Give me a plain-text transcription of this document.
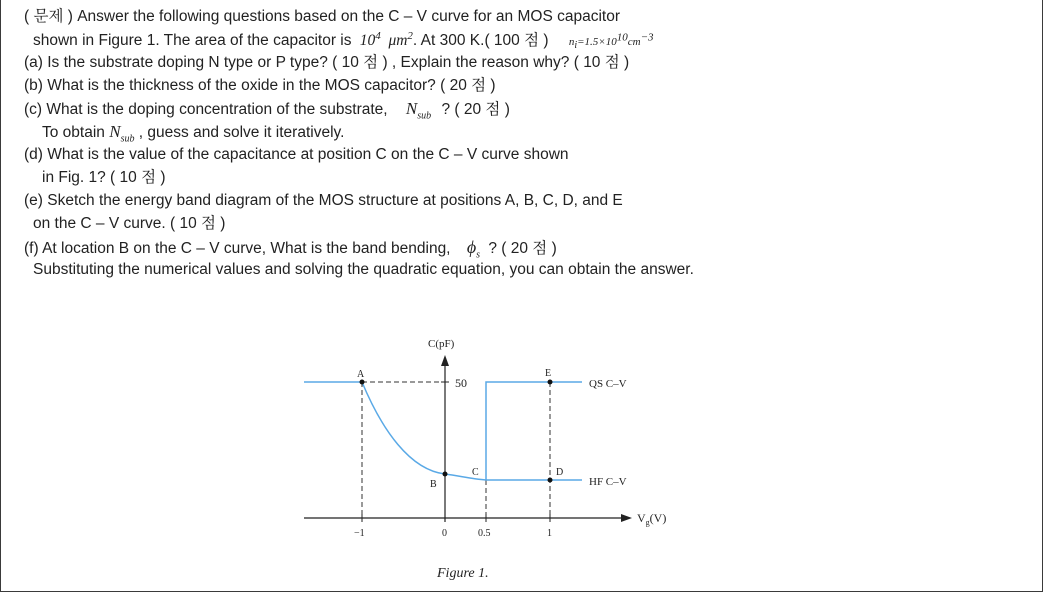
( 문제 ) Answer the following questions based on the C – V curve for an MOS capacitor
shown in Figure 1. The area of the capacitor is $10^4$ $\mu m^2$. At 300 K.( 100 점 ) ni=1.5×1010cm−3
(a) Is the substrate doping N type or P type? ( 10 점 ) , Explain the reason why? ( 10 점 )
(b) What is the thickness of the oxide in the MOS capacitor? ( 20 점 )
(c) What is the doping concentration of the substrate, $N_{sub}$ ? ( 20 점 )
To obtain $N_{sub}$ , guess and solve it iteratively.
(d) What is the value of the capacitance at position C on the C – V curve shown
in Fig. 1? ( 10 점 )
(e) Sketch the energy band diagram of the MOS structure at positions A, B, C, D, and E
on the C – V curve. ( 10 점 )
(f) At location B on the C – V curve, What is the band bending, $\phi_s$ ? ( 20 점 )
Substituting the numerical values and solving the quadratic equation, you can obtain the answer.
C(pF)
50
A
B
C	D
E
QS C–V
HF C–V
−1	0	0.5	1
$V_g(V)$
Figure 1.
